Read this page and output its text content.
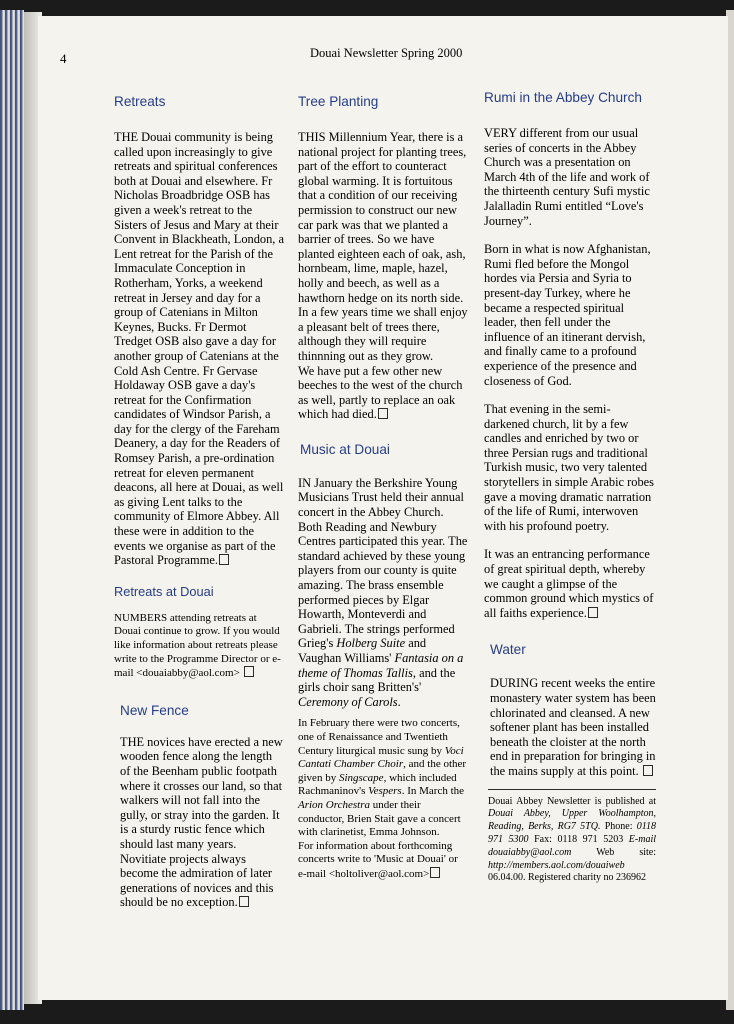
4	Douai Newsletter Spring 2000
Retreats

THE Douai community is being called upon increasingly to give retreats and spiritual conferences both at Douai and elsewhere. Fr Nicholas Broadbridge OSB has given a week's retreat to the Sisters of Jesus and Mary at their Convent in Blackheath, London, a Lent retreat for the Parish of the Immaculate Conception in Rotherham, Yorks, a weekend retreat in Jersey and day for a group of Catenians in Milton Keynes, Bucks. Fr Dermot Tredget OSB also gave a day for another group of Catenians at the Cold Ash Centre. Fr Gervase Holdaway OSB gave a day's retreat for the Confirmation candidates of Windsor Parish, a day for the clergy of the Fareham Deanery, a day for the Readers of Romsey Parish, a pre-ordination retreat for eleven permanent deacons, all here at Douai, as well as giving Lent talks to the community of Elmore Abbey. All these were in addition to the events we organise as part of the Pastoral Programme.

Retreats at Douai

NUMBERS attending retreats at Douai continue to grow. If you would like information about retreats please write to the Programme Director or e-mail <douaiabby@aol.com>

New Fence

THE novices have erected a new wooden fence along the length of the Beenham public footpath where it crosses our land, so that walkers will not fall into the gully, or stray into the garden. It is a sturdy rustic fence which should last many years. Novitiate projects always become the admiration of later generations of novices and this should be no exception.

Tree Planting

THIS Millennium Year, there is a national project for planting trees, part of the effort to counteract global warming. It is fortuitous that a condition of our receiving permission to construct our new car park was that we planted a barrier of trees. So we have planted eighteen each of oak, ash, hornbeam, lime, maple, hazel, holly and beech, as well as a hawthorn hedge on its north side. In a few years time we shall enjoy a pleasant belt of trees there, although they will require thinnning out as they grow.

We have put a few other new beeches to the west of the church as well, partly to replace an oak which had died.

Music at Douai

IN January the Berkshire Young Musicians Trust held their annual concert in the Abbey Church. Both Reading and Newbury Centres participated this year. The standard achieved by these young players from our county is quite amazing. The brass ensemble performed pieces by Elgar Howarth, Monteverdi and Gabrieli. The strings performed Grieg's Holberg Suite and Vaughan Williams' Fantasia on a theme of Thomas Tallis, and the girls choir sang Britten's' Ceremony of Carols.

In February there were two concerts, one of Renaissance and Twentieth Century liturgical music sung by Voci Cantati Chamber Choir, and the other given by Singscape, which included Rachmaninov's Vespers. In March the Arion Orchestra under their conductor, Brien Stait gave a concert with clarinetist, Emma Johnson.

For information about forthcoming concerts write to 'Music at Douai' or e-mail <holtoliver@aol.com>

Rumi in the Abbey Church

VERY different from our usual series of concerts in the Abbey Church was a presentation on March 4th of the life and work of the thirteenth century Sufi mystic Jalalladin Rumi entitled “Love's Journey”.

Born in what is now Afghanistan, Rumi fled before the Mongol hordes via Persia and Syria to present-day Turkey, where he became a respected spiritual leader, then fell under the influence of an itinerant dervish, and finally came to a profound experience of the presence and closeness of God.

That evening in the semi-darkened church, lit by a few candles and enriched by two or three Persian rugs and traditional Turkish music, two very talented storytellers in simple Arabic robes gave a moving dramatic narration of the life of Rumi, interwoven with his profound poetry.

It was an entrancing performance of great spiritual depth, whereby we caught a glimpse of the common ground which mystics of all faiths experience.

Water

DURING recent weeks the entire monastery water system has been chlorinated and cleansed. A new softener plant has been installed beneath the cloister at the north end in preparation for bringing in the mains supply at this point.

Douai Abbey Newsletter is published at Douai Abbey, Upper Woolhampton, Reading, Berks, RG7 5TQ. Phone: 0118 971 5300 Fax: 0118 971 5203 E-mail douaiabby@aol.com Web site: http://members.aol.com/douaiweb 06.04.00. Registered charity no 236962
